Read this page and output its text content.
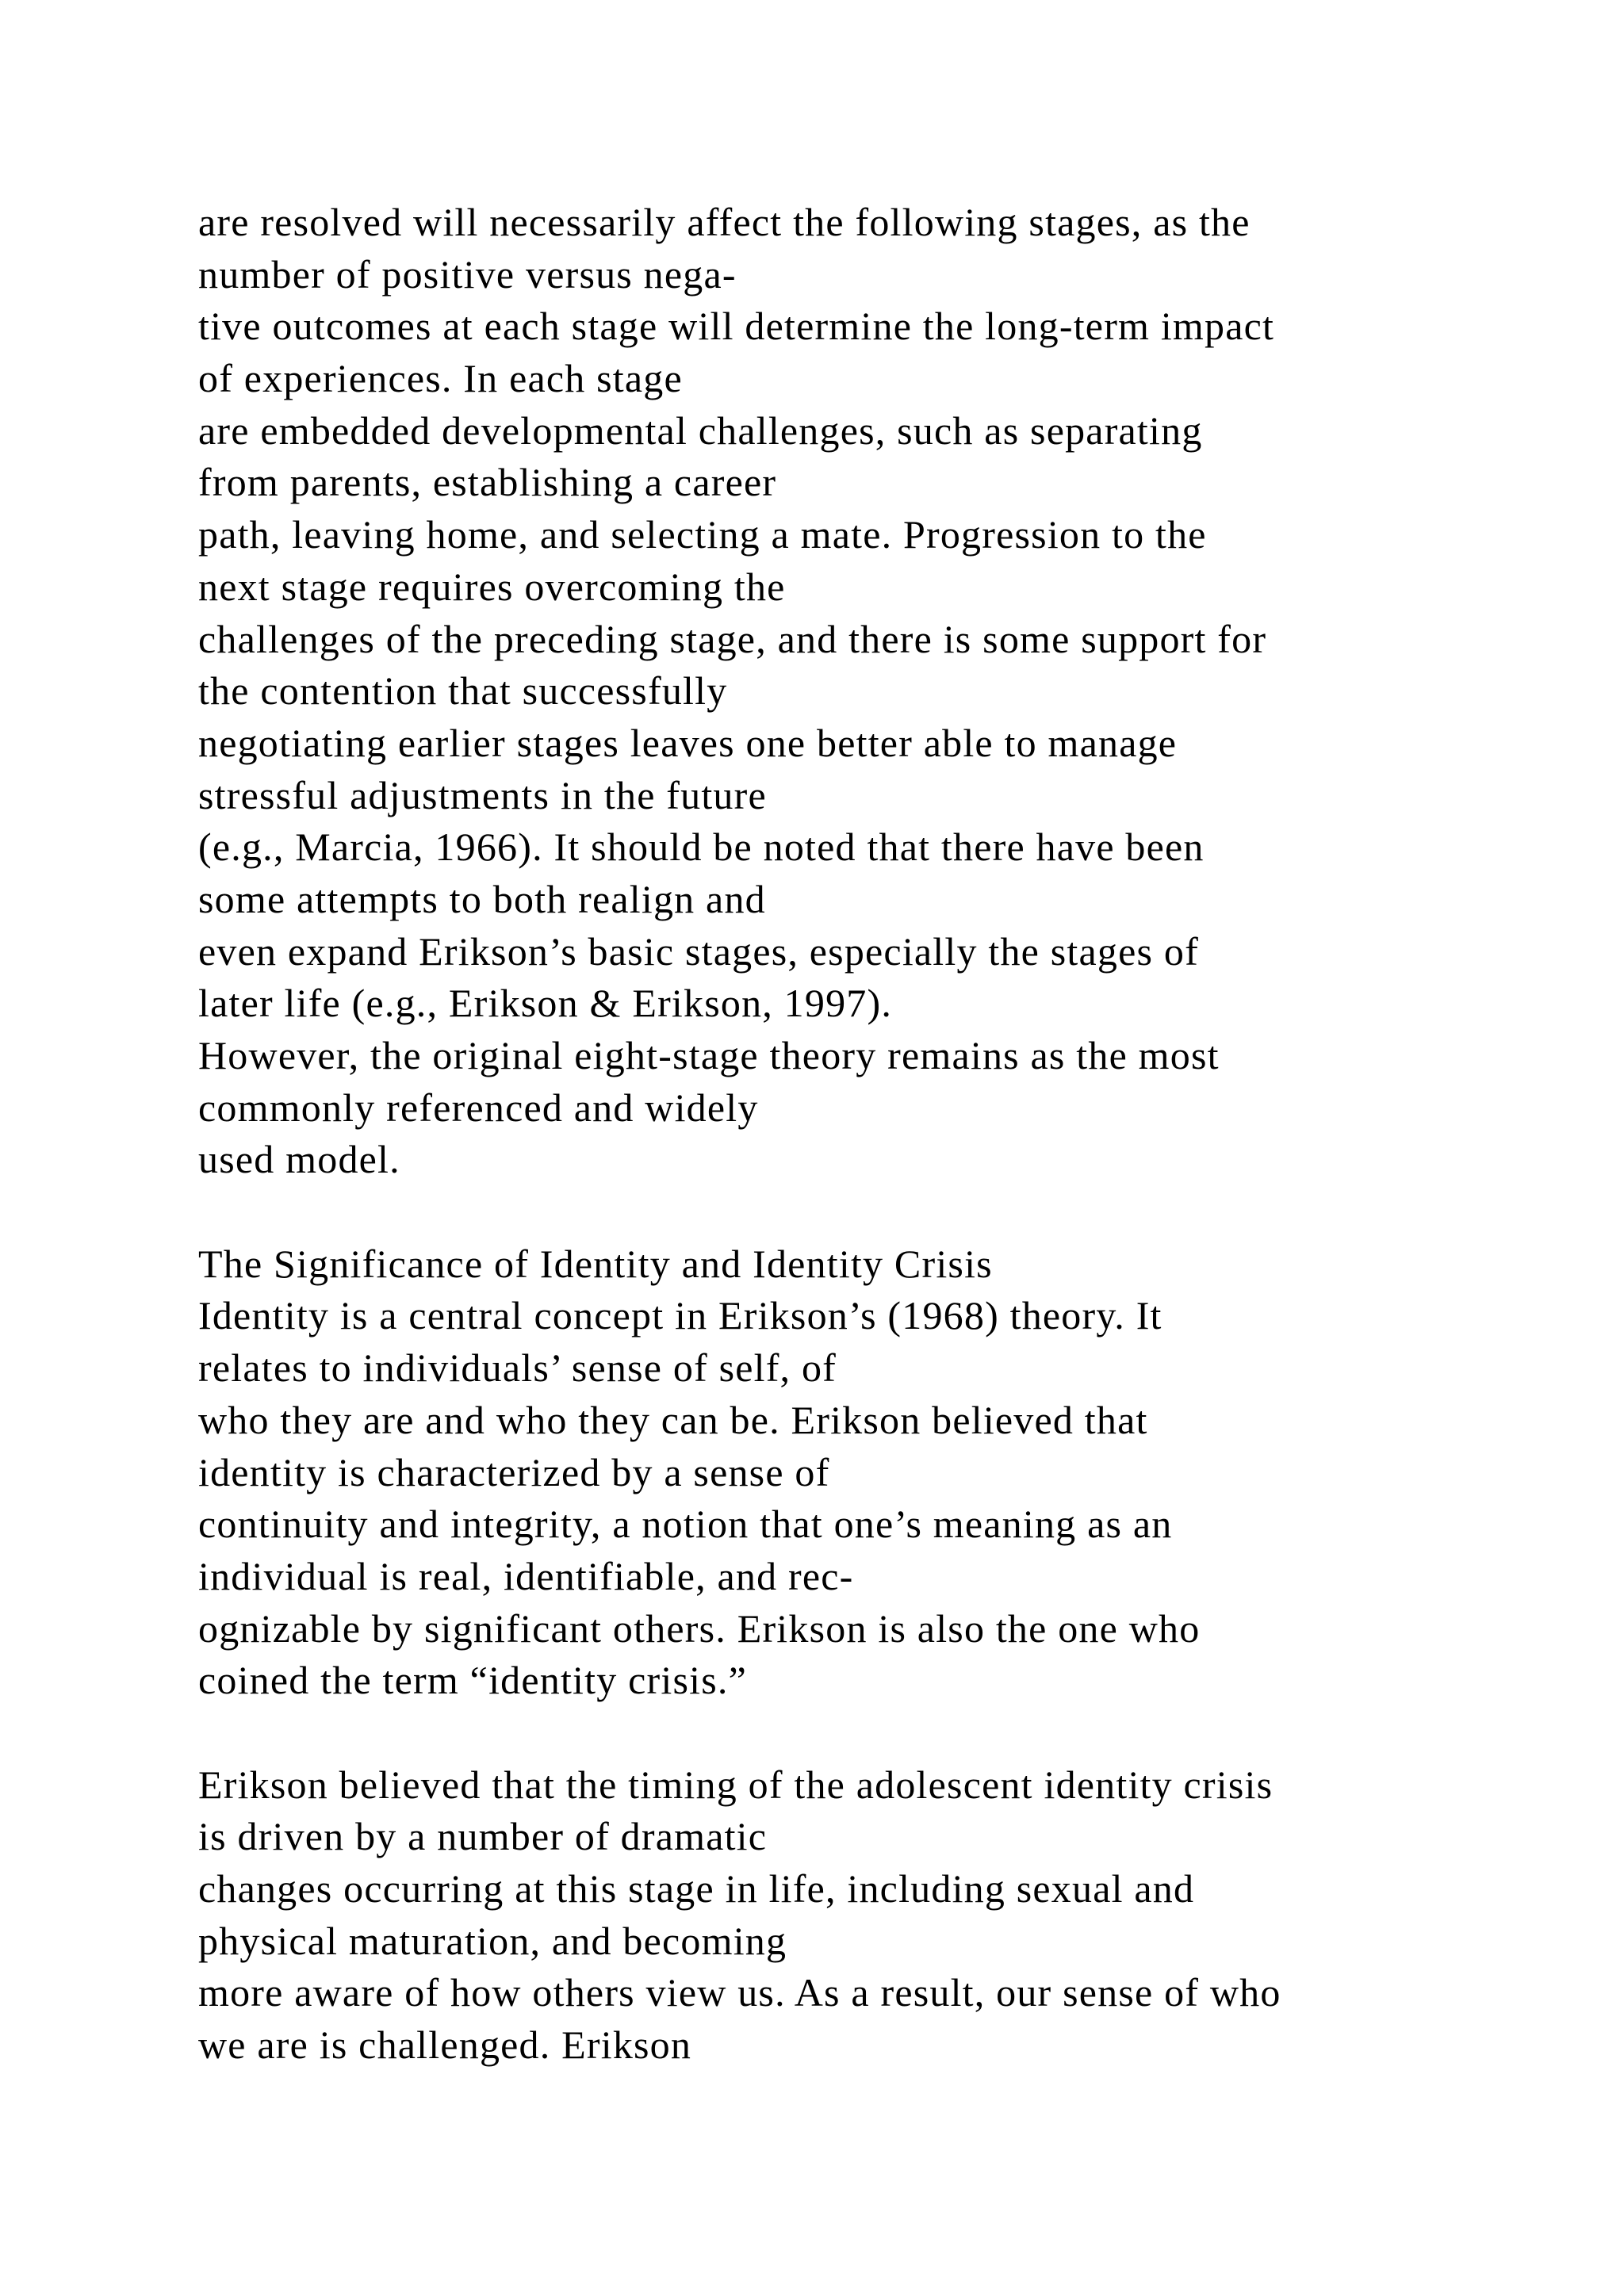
are resolved will necessarily affect the following stages, as the
number of positive versus nega-
tive outcomes at each stage will determine the long-term impact
of experiences. In each stage
are embedded developmental challenges, such as separating
from parents, establishing a career
path, leaving home, and selecting a mate. Progression to the
next stage requires overcoming the
challenges of the preceding stage, and there is some support for
the contention that successfully
negotiating earlier stages leaves one better able to manage
stressful adjustments in the future
(e.g., Marcia, 1966). It should be noted that there have been
some attempts to both realign and
even expand Erikson’s basic stages, especially the stages of
later life (e.g., Erikson & Erikson, 1997).
However, the original eight-stage theory remains as the most
commonly referenced and widely
used model.
The Significance of Identity and Identity Crisis
Identity is a central concept in Erikson’s (1968) theory. It
relates to individuals’ sense of self, of
who they are and who they can be. Erikson believed that
identity is characterized by a sense of
continuity and integrity, a notion that one’s meaning as an
individual is real, identifiable, and rec-
ognizable by significant others. Erikson is also the one who
coined the term “identity crisis.”
Erikson believed that the timing of the adolescent identity crisis
is driven by a number of dramatic
changes occurring at this stage in life, including sexual and
physical maturation, and becoming
more aware of how others view us. As a result, our sense of who
we are is challenged. Erikson
